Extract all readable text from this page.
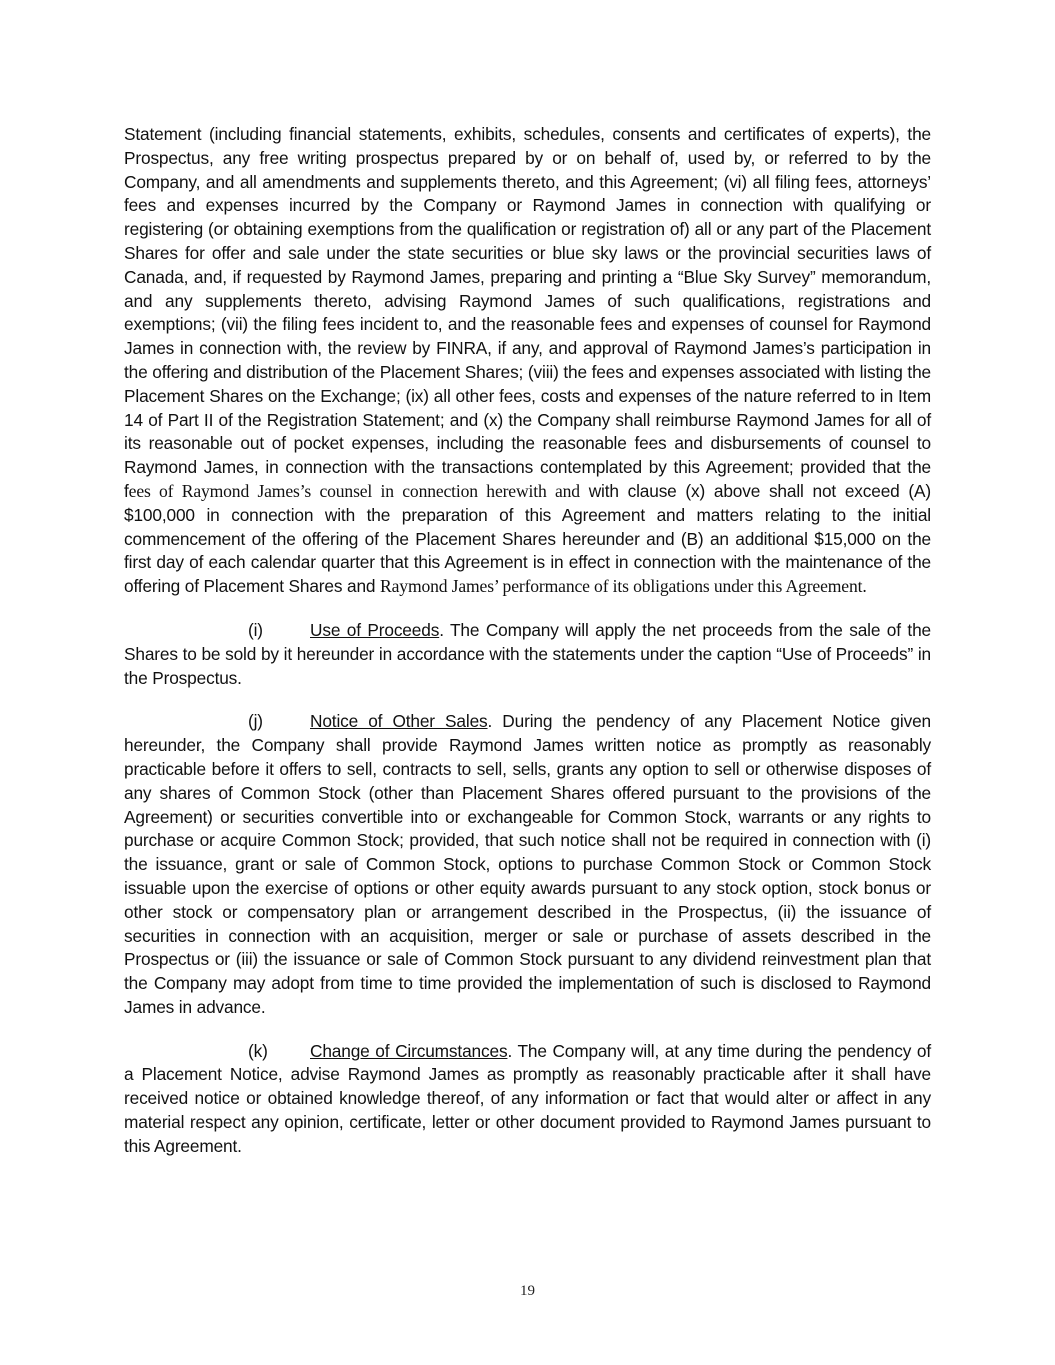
Statement (including financial statements, exhibits, schedules, consents and certificates of experts), the Prospectus, any free writing prospectus prepared by or on behalf of, used by, or referred to by the Company, and all amendments and supplements thereto, and this Agreement; (vi) all filing fees, attorneys’ fees and expenses incurred by the Company or Raymond James in connection with qualifying or registering (or obtaining exemptions from the qualification or registration of) all or any part of the Placement Shares for offer and sale under the state securities or blue sky laws or the provincial securities laws of Canada, and, if requested by Raymond James, preparing and printing a “Blue Sky Survey” memorandum, and any supplements thereto, advising Raymond James of such qualifications, registrations and exemptions; (vii) the filing fees incident to, and the reasonable fees and expenses of counsel for Raymond James in connection with, the review by FINRA, if any, and approval of Raymond James’s participation in the offering and distribution of the Placement Shares; (viii) the fees and expenses associated with listing the Placement Shares on the Exchange; (ix) all other fees, costs and expenses of the nature referred to in Item 14 of Part II of the Registration Statement; and (x) the Company shall reimburse Raymond James for all of its reasonable out of pocket expenses, including the reasonable fees and disbursements of counsel to Raymond James, in connection with the transactions contemplated by this Agreement; provided that the fees of Raymond James’s counsel in connection herewith and with clause (x) above shall not exceed (A) $100,000 in connection with the preparation of this Agreement and matters relating to the initial commencement of the offering of the Placement Shares hereunder and (B) an additional $15,000 on the first day of each calendar quarter that this Agreement is in effect in connection with the maintenance of the offering of Placement Shares and Raymond James’ performance of its obligations under this Agreement.

(i)	Use of Proceeds. The Company will apply the net proceeds from the sale of the Shares to be sold by it hereunder in accordance with the statements under the caption “Use of Proceeds” in the Prospectus.

(j)	Notice of Other Sales. During the pendency of any Placement Notice given hereunder, the Company shall provide Raymond James written notice as promptly as reasonably practicable before it offers to sell, contracts to sell, sells, grants any option to sell or otherwise disposes of any shares of Common Stock (other than Placement Shares offered pursuant to the provisions of the Agreement) or securities convertible into or exchangeable for Common Stock, warrants or any rights to purchase or acquire Common Stock; provided, that such notice shall not be required in connection with (i) the issuance, grant or sale of Common Stock, options to purchase Common Stock or Common Stock issuable upon the exercise of options or other equity awards pursuant to any stock option, stock bonus or other stock or compensatory plan or arrangement described in the Prospectus, (ii) the issuance of securities in connection with an acquisition, merger or sale or purchase of assets described in the Prospectus or (iii) the issuance or sale of Common Stock pursuant to any dividend reinvestment plan that the Company may adopt from time to time provided the implementation of such is disclosed to Raymond James in advance.

(k) Change of Circumstances. The Company will, at any time during the pendency of a Placement Notice, advise Raymond James as promptly as reasonably practicable after it shall have received notice or obtained knowledge thereof, of any information or fact that would alter or affect in any material respect any opinion, certificate, letter or other document provided to Raymond James pursuant to this Agreement.

19
